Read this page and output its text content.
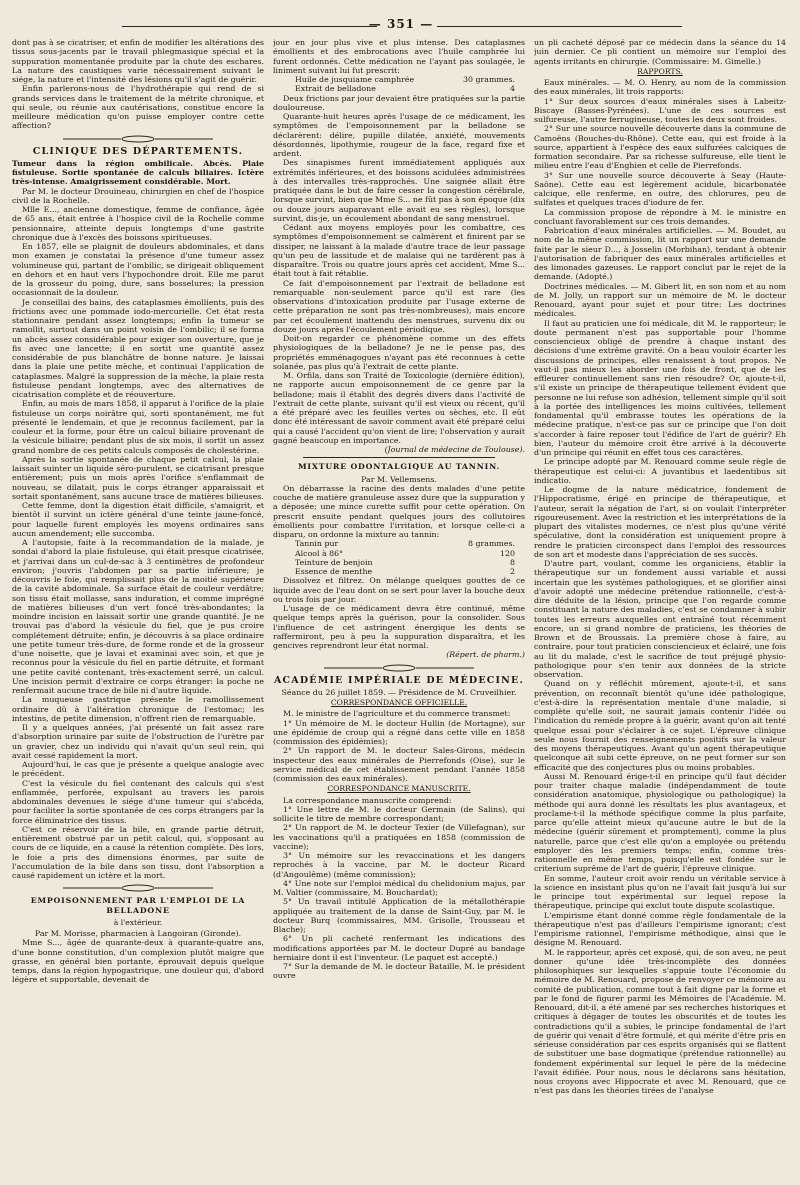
— 351 —

dont pas à se cicatriser, et enfin de modifier les altérations des tissus sous-jacents par le travail phlegmasique spécial et la suppuration momentanée produite par la chute des eschares. La nature des caustiques varie nécessairement suivant le siége, la nature et l'intensité des lésions qu'il s'agit de guérir.

Enfin parlerons-nous de l'hydrothérapie qui rend de si grands services dans le traitement de la métrite chronique, et qui seule, ou réunie aux cautérisations, constitue encore la meilleure médication qu'on puisse employer contre cette affection?

CLINIQUE DES DÉPARTEMENTS.

Tumeur dans la région ombilicale. Abcès. Plaie fistuleuse. Sortie spontanée de calculs biliaires. Ictère très-intense. Amaigrissement considérable. Mort.

Par M. le docteur Drouineau, chirurgien en chef de l'hospice civil de la Rochelle.

Mlle E..., ancienne domestique, femme de confiance, âgée de 65 ans, était entrée à l'hospice civil de la Rochelle comme pensionnaire, atteinte depuis longtemps d'une gastrite chronique due à l'excès des boissons spiritueuses.

En 1857, elle se plaignit de douleurs abdominales, et dans mon examen je constatai la présence d'une tumeur assez volumineuse qui, partant de l'ombilic, se dirigeait obliquement en dehors et en haut vers l'hypochondre droit. Elle me parut de la grosseur du poing, dure, sans bosselures; la pression occasionnait de la douleur.

Je conseillai des bains, des cataplasmes émollients, puis des frictions avec une pommade iodo-mercurielle. Cet état resta stationnaire pendant assez longtemps; enfin la tumeur se ramollit, surtout dans un point voisin de l'ombilic; il se forma un abcès assez considérable pour exiger son ouverture, que je fis avec une lancette; il en sortit une quantité assez considérable de pus blanchâtre de bonne nature. Je laissai dans la plaie une petite mèche, et continuai l'application de cataplasmes. Malgré la suppression de la mèche, la plaie resta fistuleuse pendant longtemps, avec des alternatives de cicatrisation complète et de réouverture.

Enfin, au mois de mars 1858, il apparut à l'orifice de la plaie fistuleuse un corps noirâtre qui, sorti spontanément, me fut présenté le lendemain, et que je reconnus facilement, par la couleur et la forme, pour être un calcul biliaire provenant de la vésicule biliaire; pendant plus de six mois, il sortit un assez grand nombre de ces petits calculs composés de cholestérine.

Après la sortie spontanée de chaque petit calcul, la plaie laissait suinter un liquide séro-purulent, se cicatrisant presque entièrement; puis un mois après l'orifice s'enflammait de nouveau, se dilatait, puis le corps étranger apparaissait et sortait spontanément, sans aucune trace de matières bilieuses.

Cette femme, dont la digestion était difficile, s'amaigrit, et bientôt il survint un ictère général d'une teinte jaune-foncé, pour laquelle furent employés les moyens ordinaires sans aucun amendement; elle succomba.

A l'autopsie, faite à la recommandation de la malade, je sondai d'abord la plaie fistuleuse, qui était presque cicatrisée, et j'arrivai dans un cul-de-sac à 3 centimètres de profondeur environ; j'ouvris l'abdomen par sa partie inférieure; je découvris le foie, qui remplissait plus de la moitié supérieure de la cavité abdominale. Sa surface était de couleur verdâtre; son tissu était mollasse, sans induration, et comme imprégné de matières bilieuses d'un vert foncé très-abondantes; la moindre incision en laissait sortir une grande quantité. Je ne trouvai pas d'abord la vésicule du fiel, que je pus croire complétement détruite; enfin, je découvris à sa place ordinaire une petite tumeur très-dure, de forme ronde et de la grosseur d'une noisette, que je lavai et examinai avec soin, et que je reconnus pour la vésicule du fiel en partie détruite, et formant une petite cavité contenant, très-exactement serré, un calcul. Une incision permit d'extraire ce corps étranger: la poche ne renfermait aucune trace de bile ni d'autre liquide.

La muqueuse gastrique présente le ramollissement ordinaire dû à l'altération chronique de l'estomac; les intestins, de petite dimension, n'offrent rien de remarquable.

Il y a quelques années, j'ai présenté un fait assez rare d'absorption urinaire par suite de l'obstruction de l'urètre par un gravier, chez un individu qui n'avait qu'un seul rein, qui avait cessé rapidement la mort.

Aujourd'hui, le cas que je présente a quelque analogie avec le précédent.

C'est la vésicule du fiel contenant des calculs qui s'est enflammée, perforée, expulsant au travers les parois abdominales devenues le siége d'une tumeur qui s'abcéda, pour faciliter la sortie spontanée de ces corps étrangers par la force éliminatrice des tissus.

C'est ce réservoir de la bile, en grande partie détruit, entièrement obstrué par un petit calcul, qui, s'opposant au cours de ce liquide, en a causé la rétention complète. Dès lors, le foie a pris des dimensions énormes, par suite de l'accumulation de la bile dans son tissu, dont l'absorption a causé rapidement un ictère et la mort.

EMPOISONNEMENT PAR L'EMPLOI DE LA BELLADONE
à l'extérieur.

Par M. Morisse, pharmacien à Langoiran (Gironde).

Mme S..., âgée de quarante-deux à quarante-quatre ans, d'une bonne constitution, d'un complexion plutôt maigre que grasse, en général bien portante, éprouvait depuis quelque temps, dans la région hypogastrique, une douleur qui, d'abord légère et supportable, devenait de

jour en jour plus vive et plus intense. Des cataplasmes émollients et des embrocations avec l'huile camphrée lui furent ordonnés. Cette médication ne l'ayant pas soulagée, le liniment suivant lui fut prescrit:

Huile de jusquiame camphrée	30 grammes.

Extrait de belladone	4

Deux frictions par jour devaient être pratiquées sur la partie douloureuse.

Quarante-huit heures après l'usage de ce médicament, les symptômes de l'empoisonnement par la belladone se déclarèrent: délire, pupille dilatée, anxiété, mouvements désordonnés, lipothymie, rougeur de la face, regard fixe et ardent.

Des sinapismes furent immédiatement appliqués aux extrémités inférieures, et des boissons acidulées administrées à des intervalles très-rapprochés. Une saignée allait être pratiquée dans le but de faire cesser la congestion cérébrale, lorsque survint, bien que Mme S... ne fût pas à son époque (dix ou douze jours auparavant elle avait eu ses règles), lorsque survint, dis-je, un écoulement abondant de sang menstruel.

Cédant aux moyens employés pour les combattre, ces symptômes d'empoisonnement se calmèrent et finirent par se dissiper, ne laissant à la malade d'autre trace de leur passage qu'un peu de lassitude et de malaise qui ne tardèrent pas à disparaître. Trois ou quatre jours après cet accident, Mme S... était tout à fait rétablie.

Ce fait d'empoisonnement par l'extrait de belladone est remarquable non-seulement parce qu'il est rare (les observations d'intoxication produite par l'usage externe de cette préparation ne sont pas très-nombreuses), mais encore par cet écoulement inattendu des menstrues, survenu dix ou douze jours après l'écoulement périodique.

Doit-on regarder ce phénomène comme un des effets physiologiques de la belladone? Je ne le pense pas, des propriétés emménagogues n'ayant pas été reconnues à cette solanée, pas plus qu'à l'extrait de cette plante.

M. Orfila, dans son Traité de Toxicologie (dernière édition), ne rapporte aucun empoisonnement de ce genre par la belladone; mais il établit des degrés divers dans l'activité de l'extrait de cette plante, suivant qu'il est vieux ou récent, qu'il a été préparé avec les feuilles vertes ou sèches, etc. Il eût donc été intéressant de savoir comment avait été préparé celui qui a causé l'accident qu'on vient de lire; l'observation y aurait gagné beaucoup en importance.

(Journal de médecine de Toulouse).

MIXTURE ODONTALGIQUE AU TANNIN.

Par M. Vellemsens.

On débarrasse la racine des dents malades d'une petite couche de matière granuleuse assez dure que la suppuration y a déposée; une mince curette suffit pour cette opération. On prescrit ensuite pendant quelques jours des collutoires émollients pour combattre l'irritation, et lorsque celle-ci a disparu, on ordonne la mixture au tannin:

Tannin pur	8 grammes.

Alcool à 86°	120

Teinture de benjoin	8

Essence de menthe	2

Dissolvez et filtrez. On mélange quelques gouttes de ce liquide avec de l'eau dont on se sert pour laver la bouche deux ou trois fois par jour.

L'usage de ce médicament devra être continué, même quelque temps après la guérison, pour la consolider. Sous l'influence de cet astringent énergique les dents se raffermiront, peu à peu la suppuration disparaîtra, et les gencives reprendront leur état normal.

(Répert. de pharm.)

ACADÉMIE IMPÉRIALE DE MÉDECINE.

Séance du 26 juillet 1859. — Présidence de M. Cruveilhier.

CORRESPONDANCE OFFICIELLE.

M. le ministre de l'agriculture et du commerce transmet:

1° Un mémoire de M. le docteur Hullin (de Mortagne), sur une épidémie de croup qui a régné dans cette ville en 1858 (commission des épidémies);

2° Un rapport de M. le docteur Sales-Girons, médecin inspecteur des eaux minérales de Pierrefonds (Oise), sur le service médical de cet établissement pendant l'année 1858 (commission des eaux minérales).

CORRESPONDANCE MANUSCRITE.

La correspondance manuscrite comprend:

1° Une lettre de M. le docteur Germain (de Salins), qui sollicite le titre de membre correspondant;

2° Un rapport de M. le docteur Texier (de Villefagnan), sur les vaccinations qu'il a pratiquées en 1858 (commission de vaccine);

3° Un mémoire sur les revaccinations et les dangers reprochés à la vaccine, par M. le docteur Ricard (d'Angoulême) (même commission);

4° Une note sur l'emploi médical du chelidonium majus, par M. Valtier (commissaire, M. Bouchardat);

5° Un travail intitulé Application de la métallothérapie appliquée au traitement de la danse de Saint-Guy, par M. le docteur Burq (commissaires, MM. Grisolle, Trousseau et Blache);

6° Un pli cacheté renfermant les indications des modifications apportées par M. le docteur Dupré au bandage herniaire dont il est l'inventeur. (Le paquet est accepté.)

7° Sur la demande de M. le docteur Bataille, M. le président ouvre

un pli cacheté déposé par ce médecin dans la séance du 14 juin dernier. Ce pli contient un mémoire sur l'emploi des agents irritants en chirurgie. (Commissaire: M. Gimelle.)

RAPPORTS.

Eaux minérales. — M. O. Henry, au nom de la commission des eaux minérales, lit trois rapports:

1° Sur deux sources d'eaux minérales sises à Labeitz-Biscaye (Basses-Pyrénées). L'une de ces sources est sulfureuse, l'autre ferrugineuse, toutes les deux sont froides.

2° Sur une source nouvelle découverte dans la commune de Camoëns (Bouches-du-Rhône). Cette eau, qui est froide à la source, appartient à l'espèce des eaux sulfurées calciques de formation secondaire. Par sa richesse sulfureuse, elle tient le milieu entre l'eau d'Enghien et celle de Pierrefonds.

3° Sur une nouvelle source découverte à Seay (Haute-Saône). Cette eau est légèrement acidule, bicarbonatée calcique, elle renferme, en outre, des chlorures, peu de sulfates et quelques traces d'iodure de fer.

La commission propose de répondre à M. le ministre en concluant favorablement sur ces trois demandes.

Fabrication d'eaux minérales artificielles. — M. Boudet, au nom de la même commission, lit un rapport sur une demande faite par le sieur D..., à Josselin (Morbihan), tendant à obtenir l'autorisation de fabriquer des eaux minérales artificielles et des limonades gazeuses. Le rapport conclut par le rejet de la demande. (Adopté.)

Doctrines médicales. — M. Gibert lit, en son nom et au nom de M. Jolly, un rapport sur un mémoire de M. le docteur Renouard, ayant pour sujet et pour titre: Les doctrines médicales.

Il faut au praticien une foi médicale, dit M. le rapporteur; le doute permanent n'est pas supportable pour l'homme consciencieux obligé de prendre à chaque instant des décisions d'une extrême gravité. On a beau vouloir écarter les discussions de principes, elles renaissent à tout propos. Ne vaut-il pas mieux les aborder une fois de front, que de les effleurer continuellement sans rien résoudre? Or, ajoute-t-il, s'il existe un principe de thérapeutique tellement évident que personne ne lui refuse son adhésion, tellement simple qu'il soit à la portée des intelligences les moins cultivées, tellement fondamental qu'il embrasse toutes les opérations de la médecine pratique, n'est-ce pas sur ce principe que l'on doit s'accorder à faire reposer tout l'édifice de l'art de guérir? Eh bien, l'auteur du mémoire croit être arrivé à la découverte d'un principe qui réunit en effet tous ces caractères.

Le principe adopté par M. Renouard comme seule règle de thérapeutique est celui-ci: A juvantibus et laedentibus sit indicatio.

Le dogme de la nature médicatrice, fondement de l'Hippocratisme, érigé en principe de thérapeutique, et l'auteur, serait la négation de l'art, si on voulait l'interpréter rigoureusement. Avec la restriction et les interprétations de la plupart des vitalistes modernes, ce n'est plus qu'une vérité spéculative, dont la considération est uniquement propre à rendre le praticien circonspect dans l'emploi des ressources de son art et modeste dans l'appréciation de ses succès.

D'autre part, voulant, comme les organiciens, établir la thérapeutique sur un fondement aussi variable et aussi incertain que les systèmes pathologiques, et se glorifier ainsi d'avoir adopté une médecine prétendue rationnelle, c'est-à-dire déduite de la lésion, principe que l'on regarde comme constituant la nature des maladies, c'est se condamner à subir toutes les erreurs auxquelles ont entraîné tout récemment encore, un si grand nombre de praticiens, les théories de Brown et de Broussais. La première chose à faire, au contraire, pour tout praticien consciencieux et éclairé, une fois au lit du malade, c'est le sacrifice de tout préjugé physio-pathologique pour s'en tenir aux données de la stricte observation.

Quand on y réfléchit mûrement, ajoute-t-il, et sans prévention, on reconnaît bientôt qu'une idée pathologique, c'est-à-dire la représentation mentale d'une maladie, si complète qu'elle soit, ne saurait jamais contenir l'idée ou l'indication du remède propre à la guérir, avant qu'on ait tenté quelque essai pour s'éclairer à ce sujet. L'épreuve clinique seule nous fournit des renseignements positifs sur la valeur des moyens thérapeutiques. Avant qu'un agent thérapeutique quelconque ait subi cette épreuve, on ne peut former sur son efficacité que des conjectures plus ou moins probables.

Aussi M. Renouard érige-t-il en principe qu'il faut décider pour traiter chaque maladie (indépendamment de toute considération anatomique, physiologique ou pathologique) la méthode qui aura donné les résultats les plus avantageux, et proclame-t-il la méthode spécifique comme la plus parfaite, parce qu'elle atteint mieux qu'aucune autre le but de la médecine (guérir sûrement et promptement), comme la plus naturelle, parce que c'est elle qu'on a employée ou prétendu employer dès les premiers temps; enfin, comme très-rationnelle en même temps, puisqu'elle est fondée sur le criterium suprême de l'art de guérir, l'épreuve clinique.

En somme, l'auteur croit avoir rendu un véritable service à la science en insistant plus qu'on ne l'avait fait jusqu'à lui sur le principe tout expérimental sur lequel repose la thérapeutique, principe qui exclut toute dispute scolastique.

L'empirisme étant donné comme règle fondamentale de la thérapeutique n'est pas d'ailleurs l'empirisme ignorant; c'est l'empirisme rationnel, l'empirisme méthodique, ainsi que le désigne M. Renouard.

M. le rapporteur, après cet exposé, qui, de son aveu, ne peut donner qu'une idée très-incomplète des données philosophiques sur lesquelles s'appuie toute l'économie du mémoire de M. Renouard, propose de renvoyer ce mémoire au comité de publication, comme tout à fait digne par la forme et par le fond de figurer parmi les Mémoires de l'Académie. M. Renouard, dit-il, a été amené par ses recherches historiques et critiques à dégager de toutes les obscurités et de toutes les contradictions qu'il a subies, le principe fondamental de l'art de guérir qui venait d'être formulé, et qui mérite d'être pris en sérieuse considération par ces esprits organisés qui se flattent de substituer une base dogmatique (prétendue rationnelle) au fondement expérimental sur lequel le père de la médecine l'avait édifiée. Pour nous, nous le déclarons sans hésitation, nous croyons avec Hippocrate et avec M. Renouard, que ce n'est pas dans les théories tirées de l'analyse
